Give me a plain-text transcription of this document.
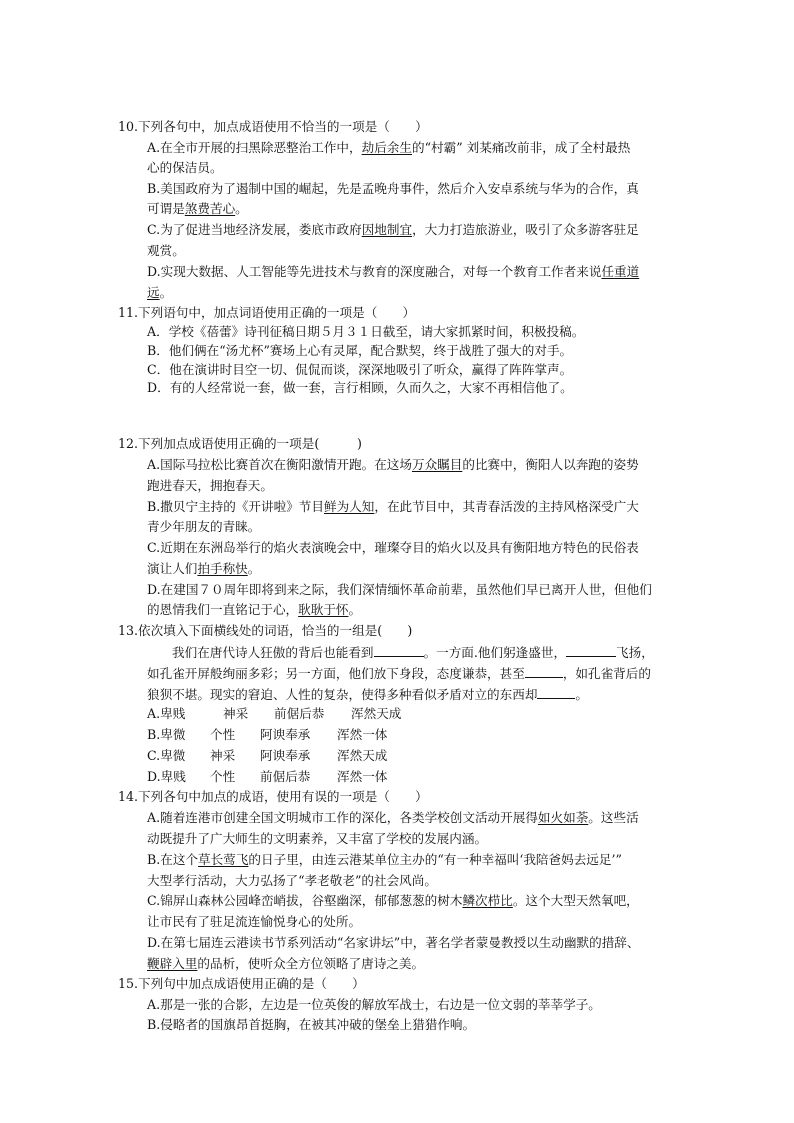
10.下列各句中，加点成语使用不恰当的一项是（　　）
A.在全市开展的扫黑除恶整治工作中，劫后余生的“村霸” 刘某痛改前非，成了全村最热
心的保洁员。
B.美国政府为了遏制中国的崛起，先是孟晚舟事件，然后介入安卓系统与华为的合作，真
可谓是煞费苦心。
C.为了促进当地经济发展，娄底市政府因地制宜，大力打造旅游业，吸引了众多游客驻足
观赏。
D.实现大数据、人工智能等先进技术与教育的深度融合，对每一个教育工作者来说任重道
远。
11.下列语句中，加点词语使用正确的一项是（　　）
A．学校《蓓蕾》诗刊征稿日期５月３１日截至，请大家抓紧时间，积极投稿。
B．他们俩在“汤尤杯”赛场上心有灵犀，配合默契，终于战胜了强大的对手。
C．他在演讲时目空一切、侃侃而谈，深深地吸引了听众，赢得了阵阵掌声。
D．有的人经常说一套，做一套，言行相顾，久而久之，大家不再相信他了。
12.下列加点成语使用正确的一项是(　　　)
A.国际马拉松比赛首次在衡阳激情开跑。在这场万众瞩目的比赛中，衡阳人以奔跑的姿势
跑进春天，拥抱春天。
B.撒贝宁主持的《开讲啦》节目鲜为人知，在此节目中，其青春活泼的主持风格深受广大
青少年朋友的青睐。
C.近期在东洲岛举行的焰火表演晚会中，璀璨夺目的焰火以及具有衡阳地方特色的民俗表
演让人们拍手称快。
D.在建国７０周年即将到来之际，我们深情缅怀革命前辈，虽然他们早已离开人世，但他们
的恩情我们一直铭记于心，耿耿于怀。
13.依次填入下面横线处的词语，恰当的一组是(　　)
我们在唐代诗人狂傲的背后也能看到	。一方面.他们躬逢盛世，	飞扬，
如孔雀开屏般绚丽多彩；另一方面，他们放下身段，态度谦恭，甚至	，如孔雀背后的
狼狈不堪。现实的窘迫、人性的复杂，使得多种看似矛盾对立的东西却	。
A.卑贱	神采 前倨后恭 浑然天成
B.卑微 个性 阿谀奉承 浑然一体
C.卑微 神采 阿谀奉承 浑然天成
D.卑贱 个性 前倨后恭 浑然一体
14.下列各句中加点的成语，使用有误的一项是（　　）
A.随着连港市创建全国文明城市工作的深化，各类学校创文活动开展得如火如荼。这些活
动既提升了广大师生的文明素养，又丰富了学校的发展内涵。
B.在这个草长莺飞的日子里，由连云港某单位主办的“有一种幸福叫‘我陪爸妈去远足’”
大型孝行活动，大力弘扬了“孝老敬老”的社会风尚。
C.锦屏山森林公园峰峦峭拔，谷壑幽深，郁郁葱葱的树木鳞次栉比。这个大型天然氧吧，
让市民有了驻足流连愉悦身心的处所。
D.在第七届连云港读书节系列活动“名家讲坛”中，著名学者蒙曼教授以生动幽默的措辞、
鞭辟入里的品析，使听众全方位领略了唐诗之美。
15.下列句中加点成语使用正确的是（　　）
A.那是一张的合影，左边是一位英俊的解放军战士，右边是一位文弱的莘莘学子。
B.侵略者的国旗昂首挺胸，在被其冲破的堡垒上猎猎作响。
